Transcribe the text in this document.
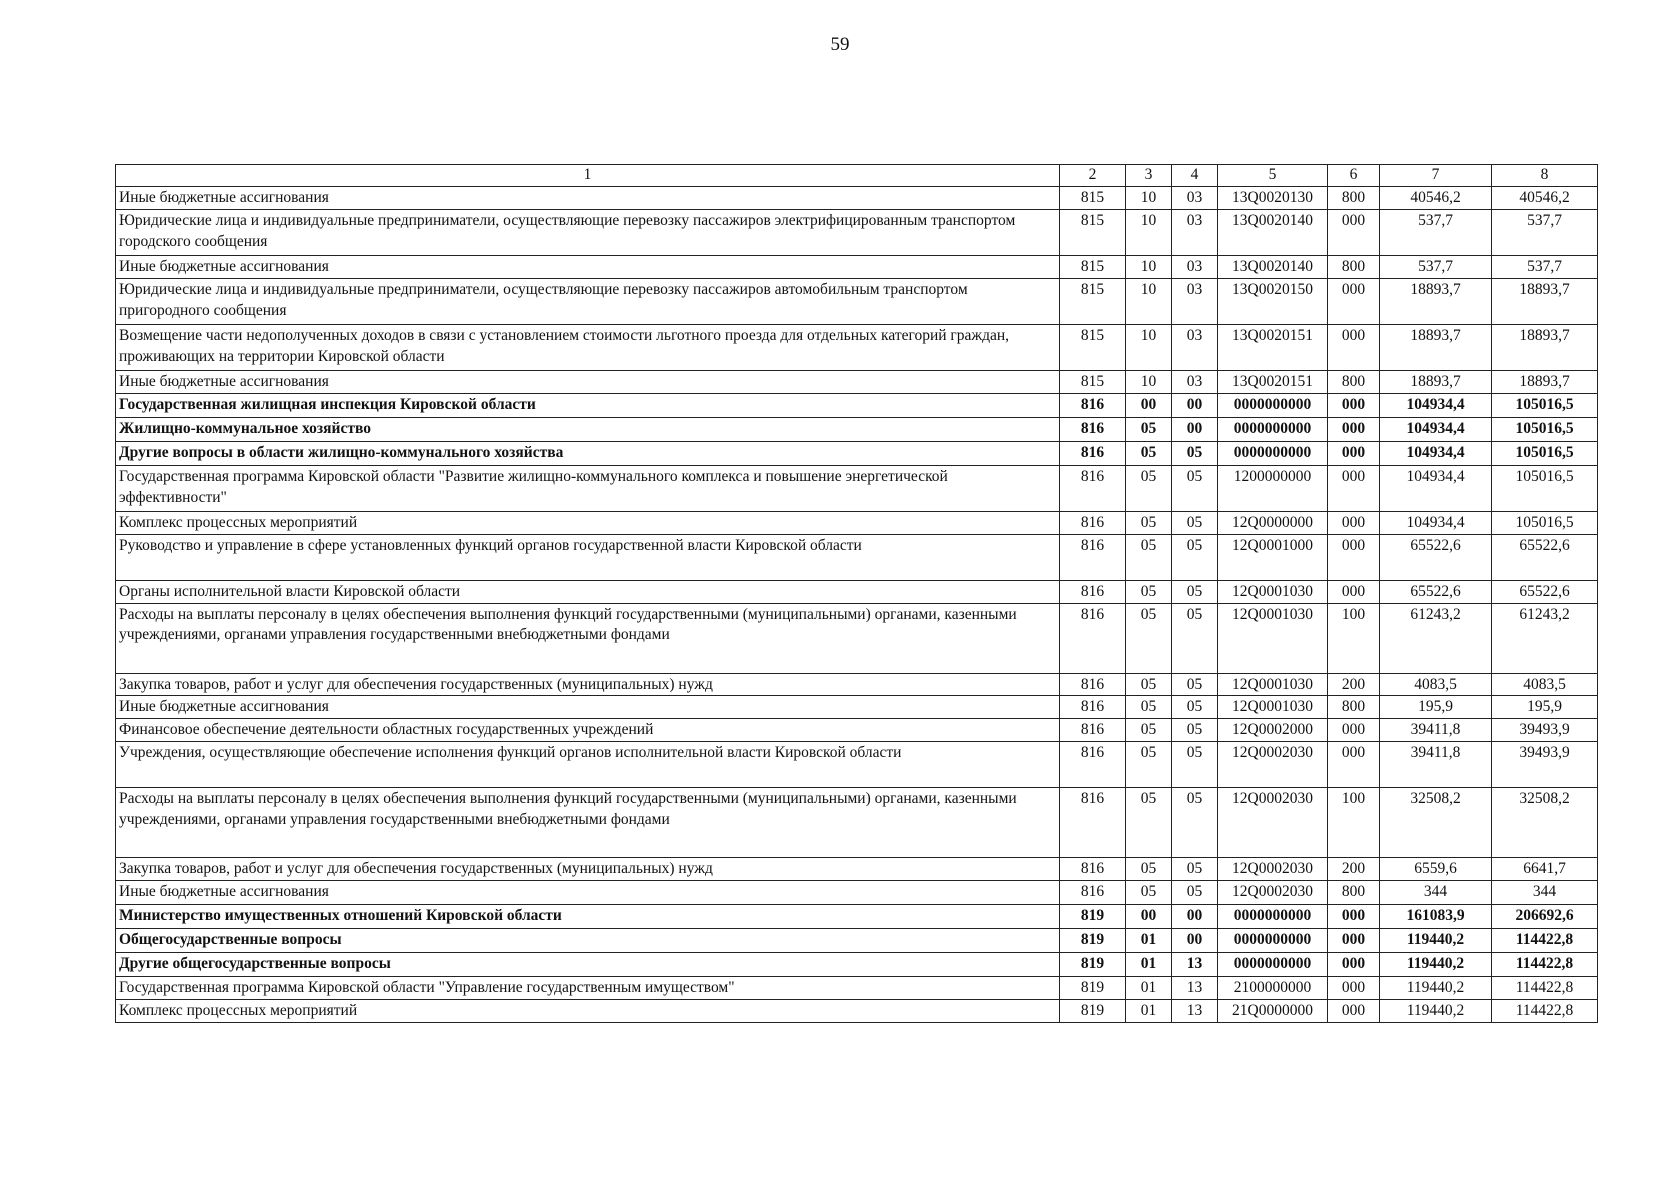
59
1	2	3	4	5	6	7	8
Иные бюджетные ассигнования	815	10	03	13Q0020130	800	40546,2	40546,2
Юридические лица и индивидуальные предприниматели, осуществляющие перевозку пассажиров электрифицированным транспортом городского сообщения	815	10	03	13Q0020140	000	537,7	537,7
Иные бюджетные ассигнования	815	10	03	13Q0020140	800	537,7	537,7
Юридические лица и индивидуальные предприниматели, осуществляющие перевозку пассажиров автомобильным транспортом пригородного сообщения	815	10	03	13Q0020150	000	18893,7	18893,7
Возмещение части недополученных доходов в связи с установлением стоимости льготного проезда для отдельных категорий граждан, проживающих на территории Кировской области	815	10	03	13Q0020151	000	18893,7	18893,7
Иные бюджетные ассигнования	815	10	03	13Q0020151	800	18893,7	18893,7
Государственная жилищная инспекция Кировской области	816	00	00	0000000000	000	104934,4	105016,5
Жилищно-коммунальное хозяйство	816	05	00	0000000000	000	104934,4	105016,5
Другие вопросы в области жилищно-коммунального хозяйства	816	05	05	0000000000	000	104934,4	105016,5
Государственная программа Кировской области "Развитие жилищно-коммунального комплекса и повышение энергетической эффективности"	816	05	05	1200000000	000	104934,4	105016,5
Комплекс процессных мероприятий	816	05	05	12Q0000000	000	104934,4	105016,5
Руководство и управление в сфере установленных функций органов государственной власти Кировской области	816	05	05	12Q0001000	000	65522,6	65522,6
Органы исполнительной власти Кировской области	816	05	05	12Q0001030	000	65522,6	65522,6
Расходы на выплаты персоналу в целях обеспечения выполнения функций государственными (муниципальными) органами, казенными учреждениями, органами управления государственными внебюджетными фондами	816	05	05	12Q0001030	100	61243,2	61243,2
Закупка товаров, работ и услуг для обеспечения государственных (муниципальных) нужд	816	05	05	12Q0001030	200	4083,5	4083,5
Иные бюджетные ассигнования	816	05	05	12Q0001030	800	195,9	195,9
Финансовое обеспечение деятельности областных государственных учреждений	816	05	05	12Q0002000	000	39411,8	39493,9
Учреждения, осуществляющие обеспечение исполнения функций органов исполнительной власти Кировской области	816	05	05	12Q0002030	000	39411,8	39493,9
Расходы на выплаты персоналу в целях обеспечения выполнения функций государственными (муниципальными) органами, казенными учреждениями, органами управления государственными внебюджетными фондами	816	05	05	12Q0002030	100	32508,2	32508,2
Закупка товаров, работ и услуг для обеспечения государственных (муниципальных) нужд	816	05	05	12Q0002030	200	6559,6	6641,7
Иные бюджетные ассигнования	816	05	05	12Q0002030	800	344	344
Министерство имущественных отношений Кировской области	819	00	00	0000000000	000	161083,9	206692,6
Общегосударственные вопросы	819	01	00	0000000000	000	119440,2	114422,8
Другие общегосударственные вопросы	819	01	13	0000000000	000	119440,2	114422,8
Государственная программа Кировской области "Управление государственным имуществом"	819	01	13	2100000000	000	119440,2	114422,8
Комплекс процессных мероприятий	819	01	13	21Q0000000	000	119440,2	114422,8
